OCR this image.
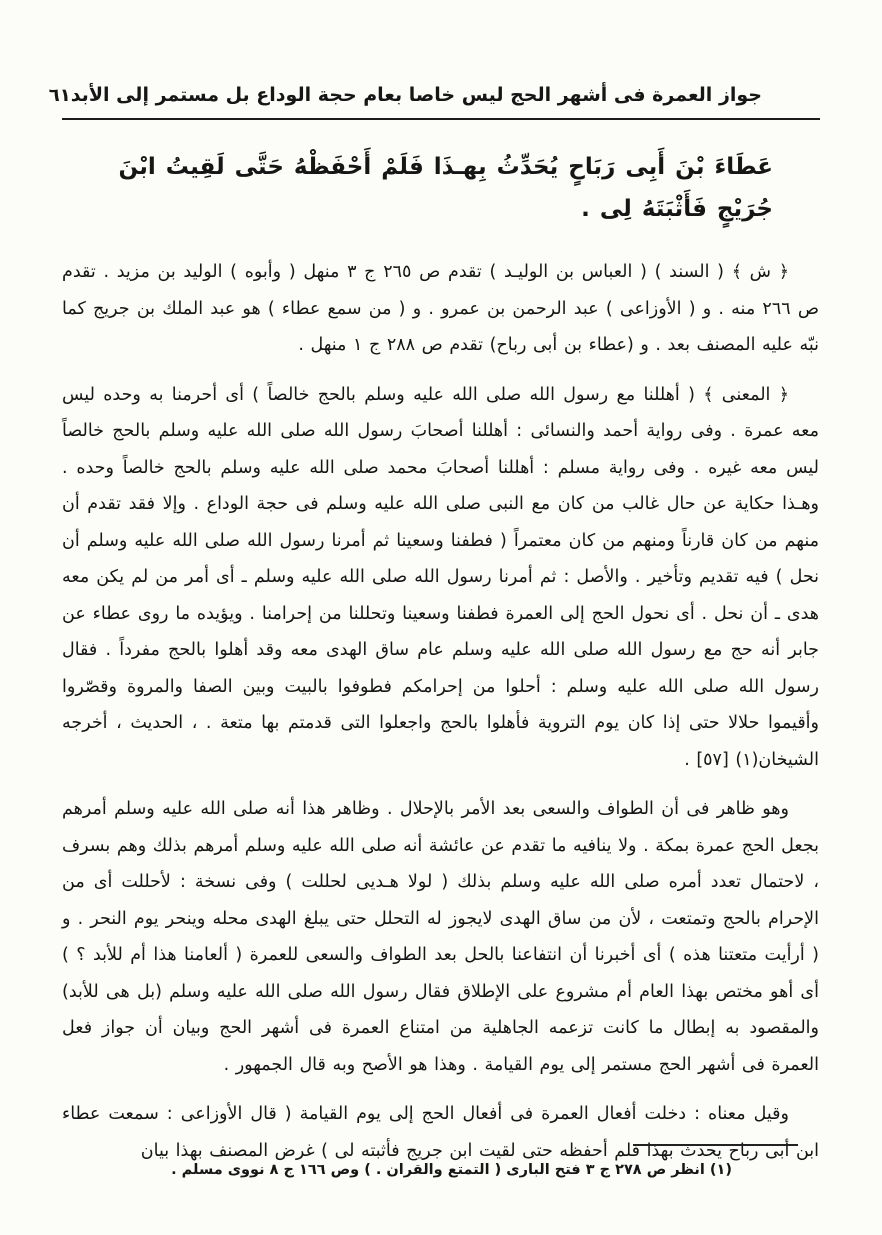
جواز العمرة فى أشهر الحج ليس خاصا بعام حجة الوداع بل مستمر إلى الأبد
٦١
عَطَاءَ بْنَ أَبِى رَبَاحٍ يُحَدِّثُ بِهـذَا فَلَمْ أَحْفَظْهُ حَتَّى لَقِيتُ ابْنَ جُرَيْجٍ فَأَثْبَتَهُ لِى .

﴿ ش ﴾ ( السند ) ( العباس بن الوليـد ) تقدم ص ٢٦٥ ج ٣ منهل ( وأبوه ) الوليد بن مزيد . تقدم ص ٢٦٦ منه . و ( الأوزاعى ) عبد الرحمن بن عمرو . و ( من سمع عطاء ) هو عبد الملك بن جريج كما نبّه عليه المصنف بعد . و (عطاء بن أبى رباح) تقدم ص ٢٨٨ ج ١ منهل .

﴿ المعنى ﴾ ( أهللنا مع رسول الله صلى الله عليه وسلم بالحج خالصاً ) أى أحرمنا به وحده ليس معه عمرة . وفى رواية أحمد والنسائى : أهللنا أصحابَ رسول الله صلى الله عليه وسلم بالحج خالصاً ليس معه غيره . وفى رواية مسلم : أهللنا أصحابَ محمد صلى الله عليه وسلم بالحج خالصاً وحده . وهـذا حكاية عن حال غالب من كان مع النبى صلى الله عليه وسلم فى حجة الوداع . وإلا فقد تقدم أن منهم من كان قارناً ومنهم من كان معتمراً ( فطفنا وسعينا ثم أمرنا رسول الله صلى الله عليه وسلم أن نحل ) فيه تقديم وتأخير . والأصل : ثم أمرنا رسول الله صلى الله عليه وسلم ـ أى أمر من لم يكن معه هدى ـ أن نحل . أى نحول الحج إلى العمرة فطفنا وسعينا وتحللنا من إحرامنا . ويؤيده ما روى عطاء عن جابر أنه حج مع رسول الله صلى الله عليه وسلم عام ساق الهدى معه وقد أهلوا بالحج مفرداً . فقال رسول الله صلى الله عليه وسلم : أحلوا من إحرامكم فطوفوا بالبيت وبين الصفا والمروة وقصّروا وأقيموا حلالا حتى إذا كان يوم التروية فأهلوا بالحج واجعلوا التى قدمتم بها متعة . ، الحديث ، أخرجه الشيخان(١) [٥٧] .

وهو ظاهر فى أن الطواف والسعى بعد الأمر بالإحلال . وظاهر هذا أنه صلى الله عليه وسلم أمرهم بجعل الحج عمرة بمكة . ولا ينافيه ما تقدم عن عائشة أنه صلى الله عليه وسلم أمرهم بذلك وهم بسرف ، لاحتمال تعدد أمره صلى الله عليه وسلم بذلك ( لولا هـديى لحللت ) وفى نسخة : لأحللت أى من الإحرام بالحج وتمتعت ، لأن من ساق الهدى لايجوز له التحلل حتى يبلغ الهدى محله وينحر يوم النحر . و ( أرأيت متعتنا هذه ) أى أخبرنا أن انتفاعنا بالحل بعد الطواف والسعى للعمرة ( ألعامنا هذا أم للأبد ؟ ) أى أهو مختص بهذا العام أم مشروع على الإطلاق فقال رسول الله صلى الله عليه وسلم (بل هى للأبد) والمقصود به إبطال ما كانت تزعمه الجاهلية من امتناع العمرة فى أشهر الحج وبيان أن جواز فعل العمرة فى أشهر الحج مستمر إلى يوم القيامة . وهذا هو الأصح وبه قال الجمهور .

وقيل معناه : دخلت أفعال العمرة فى أفعال الحج إلى يوم القيامة ( قال الأوزاعى : سمعت عطاء ابن أبى رباح يحدث بهذا فلم أحفظه حتى لقيت ابن جريج فأثبته لى ) غرض المصنف بهذا بيان

(١) انظر ص ٢٧٨ ج ٣ فتح البارى ( التمتع والقران . ) وص ١٦٦ ج ٨ نووى مسلم .
